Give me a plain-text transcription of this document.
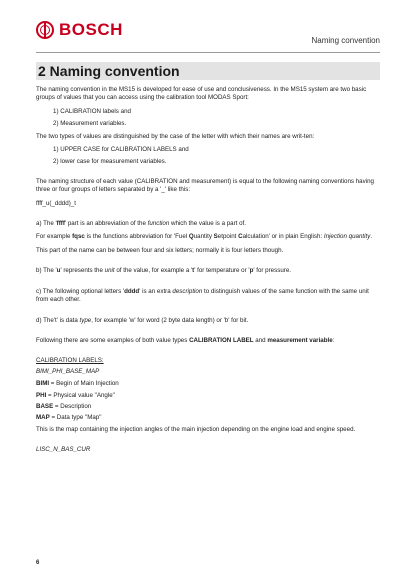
BOSCH
Naming convention
2 Naming convention

The naming convention in the MS15 is developed for ease of use and conclusiveness. In the MS15 system are two basic groups of values that you can access using the calibration tool MODAS Sport:

1) CALIBRATION labels and

2) Measurement variables.

The two types of values are distinguished by the case of the letter with which their names are writ-ten:

1) UPPER CASE for CALIBRATION LABELS and

2) lower case for measurement variables.

The naming structure of each value (CALIBRATION and measurement) is equal to the following naming conventions having three or four groups of letters separated by a '_' like this:

ffff_u(_dddd)_t

a) The 'ffff' part is an abbreviation of the function which the value is a part of.

For example fqsc is the functions abbreviation for 'Fuel Quantity Setpoint Calculation' or in plain English: Injection quantity.

This part of the name can be between four and six letters; normally it is four letters though.

b) The 'u' represents the unit of the value, for example a 't' for temperature or 'p' for pressure.

c) The following optional letters 'dddd' is an extra description to distinguish values of the same function with the same unit from each other.

d) The't' is data type, for example 'w' for word (2 byte data length) or 'b' for bit.

Following there are some examples of both value types CALIBRATION LABEL and measurement variable:

CALIBRATION LABELS:

BIMI_PHI_BASE_MAP

BIMI = Begin of Main Injection

PHI = Physical value "Angle"

BASE = Description

MAP = Data type "Map"

This is the map containing the injection angles of the main injection depending on the engine load and engine speed.

LISC_N_BAS_CUR

6
